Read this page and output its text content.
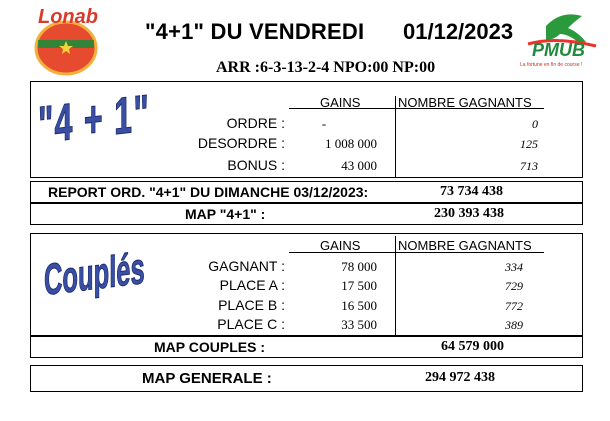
Lonab
"4+1" DU VENDREDI 01/12/2023
ARR :6-3-13-2-4 NPO:00 NP:00
PMUB
La fortune en fin de course !
"4 + 1"	GAINS	NOMBRE GAGNANTS
ORDRE :	-	0
DESORDRE :	1 008 000	125
BONUS :	43 000	713
REPORT ORD. "4+1" DU DIMANCHE 03/12/2023:	73 734 438
MAP "4+1" :	230 393 438
Couplés	GAINS	NOMBRE GAGNANTS
GAGNANT :	78 000	334
PLACE A :	17 500	729
PLACE B :	16 500	772
PLACE C :	33 500	389
MAP COUPLES :	64 579 000
MAP GENERALE :	294 972 438
